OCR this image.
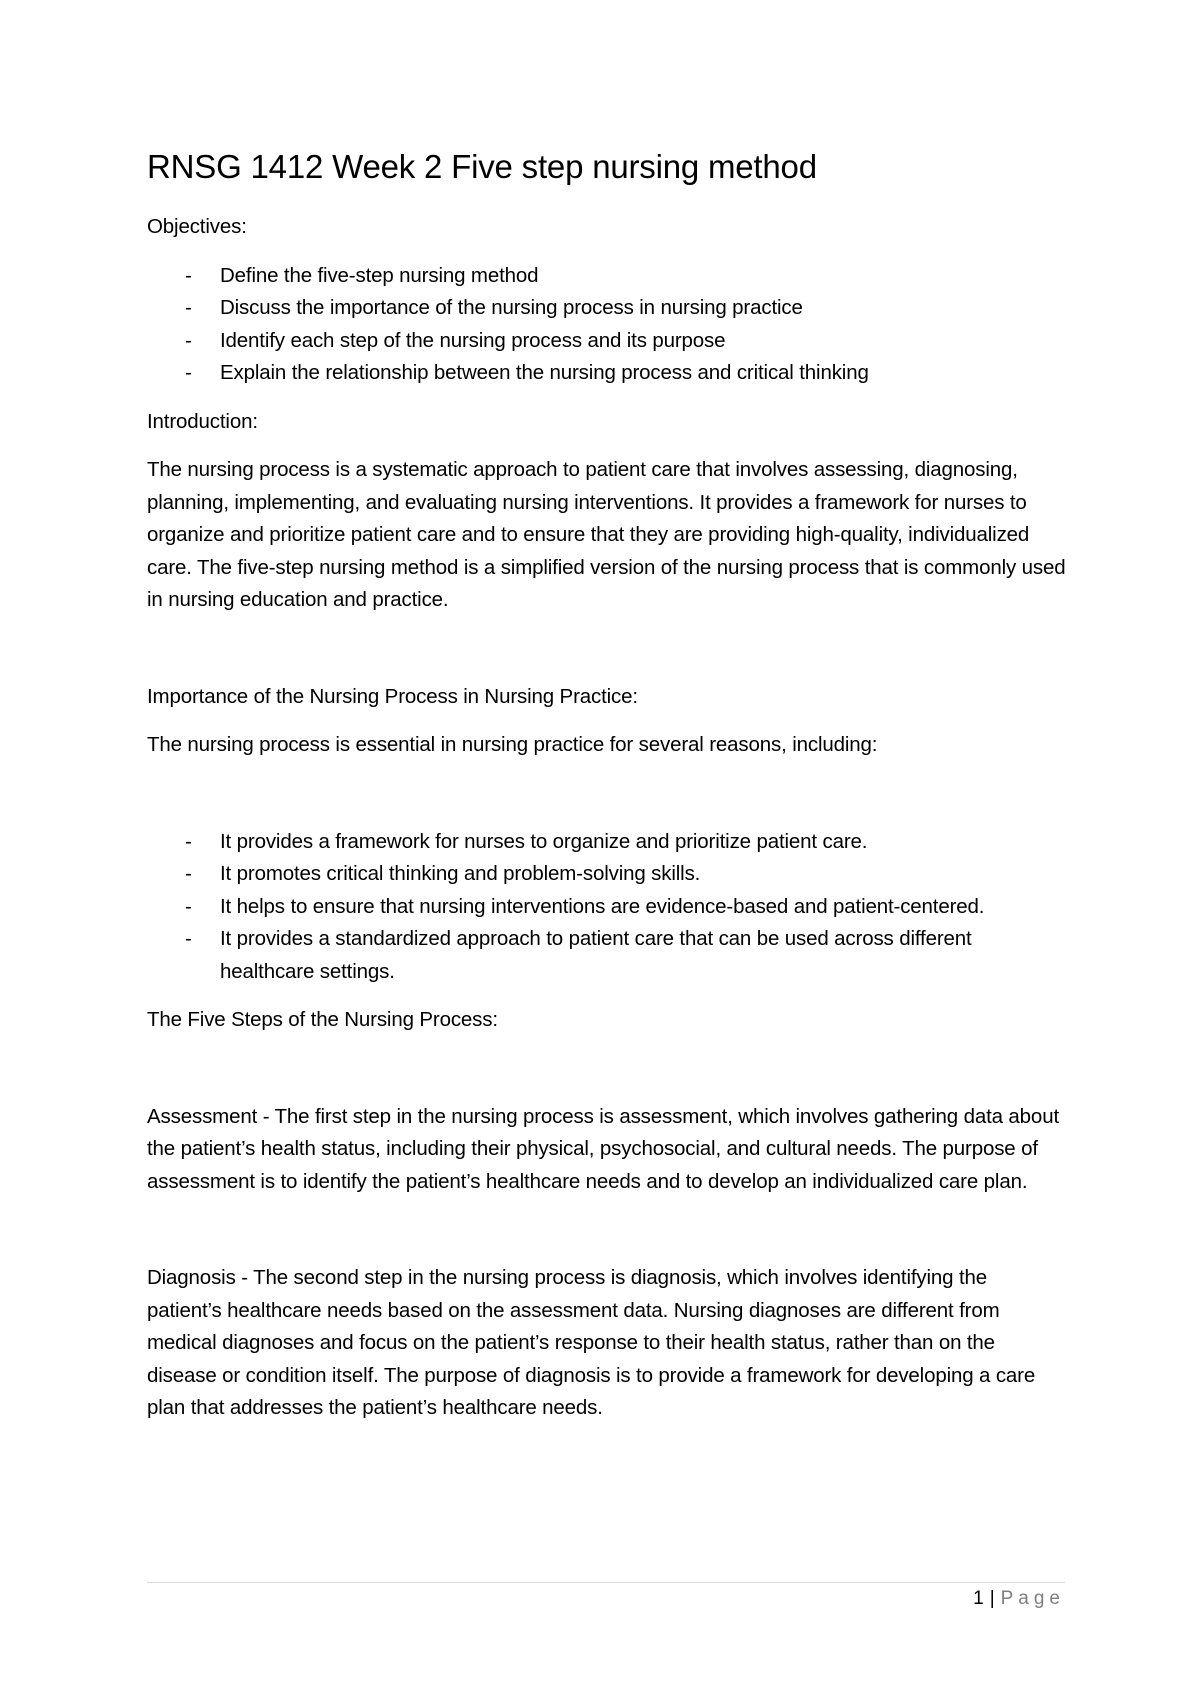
RNSG 1412 Week 2 Five step nursing method

Objectives:

- Define the five-step nursing method
- Discuss the importance of the nursing process in nursing practice
- Identify each step of the nursing process and its purpose
- Explain the relationship between the nursing process and critical thinking

Introduction:

The nursing process is a systematic approach to patient care that involves assessing, diagnosing, planning, implementing, and evaluating nursing interventions. It provides a framework for nurses to organize and prioritize patient care and to ensure that they are providing high-quality, individualized care. The five-step nursing method is a simplified version of the nursing process that is commonly used in nursing education and practice.

Importance of the Nursing Process in Nursing Practice:

The nursing process is essential in nursing practice for several reasons, including:

- It provides a framework for nurses to organize and prioritize patient care.
- It promotes critical thinking and problem-solving skills.
- It helps to ensure that nursing interventions are evidence-based and patient-centered.
- It provides a standardized approach to patient care that can be used across different healthcare settings.

The Five Steps of the Nursing Process:

Assessment - The first step in the nursing process is assessment, which involves gathering data about the patient’s health status, including their physical, psychosocial, and cultural needs. The purpose of assessment is to identify the patient’s healthcare needs and to develop an individualized care plan.

Diagnosis - The second step in the nursing process is diagnosis, which involves identifying the patient’s healthcare needs based on the assessment data. Nursing diagnoses are different from medical diagnoses and focus on the patient’s response to their health status, rather than on the disease or condition itself. The purpose of diagnosis is to provide a framework for developing a care plan that addresses the patient’s healthcare needs.

1 | Page
